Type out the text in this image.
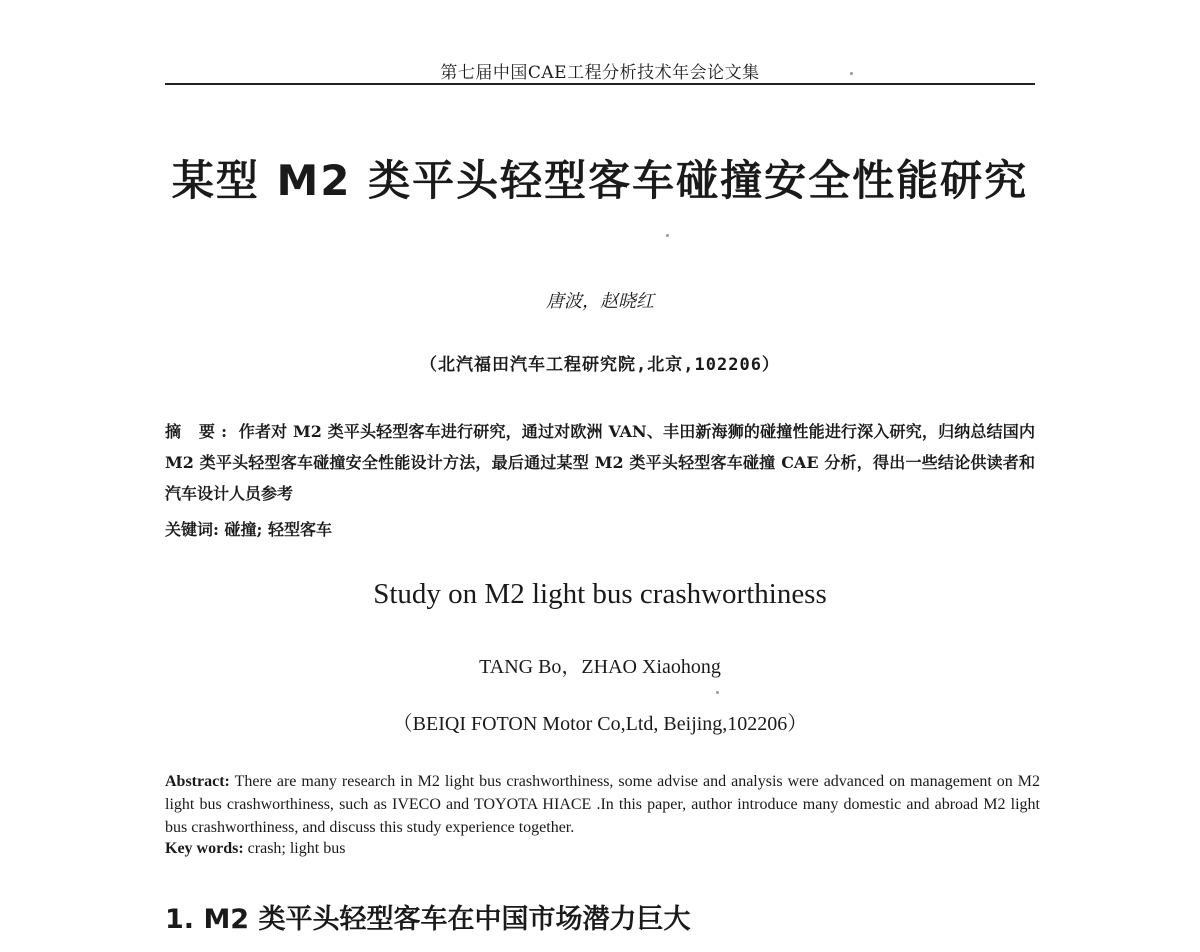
第七届中国CAE工程分析技术年会论文集
某型 M2 类平头轻型客车碰撞安全性能研究
唐波，赵晓红
（北汽福田汽车工程研究院,北京,102206）
摘 要: 作者对 M2 类平头轻型客车进行研究，通过对欧洲 VAN、丰田新海狮的碰撞性能进行深入研究，归纳总结国内 M2 类平头轻型客车碰撞安全性能设计方法，最后通过某型 M2 类平头轻型客车碰撞 CAE 分析，得出一些结论供读者和汽车设计人员参考
关键词: 碰撞; 轻型客车
Study on M2 light bus crashworthiness
TANG Bo，ZHAO Xiaohong
（BEIQI FOTON Motor Co,Ltd, Beijing,102206）
Abstract: There are many research in M2 light bus crashworthiness, some advise and analysis were advanced on management on M2 light bus crashworthiness, such as IVECO and TOYOTA HIACE .In this paper, author introduce many domestic and abroad M2 light bus crashworthiness, and discuss this study experience together.
Key words: crash; light bus
1. M2 类平头轻型客车在中国市场潜力巨大
